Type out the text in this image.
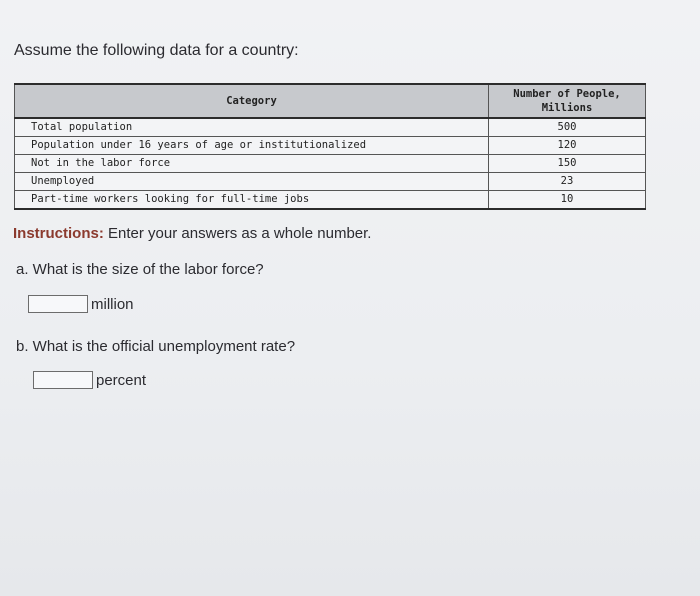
Assume the following data for a country:
Category	Number of People, Millions
Total population	500
Population under 16 years of age or institutionalized	120
Not in the labor force	150
Unemployed	23
Part-time workers looking for full-time jobs	10
Instructions: Enter your answers as a whole number.
a. What is the size of the labor force?
million
b. What is the official unemployment rate?
percent
